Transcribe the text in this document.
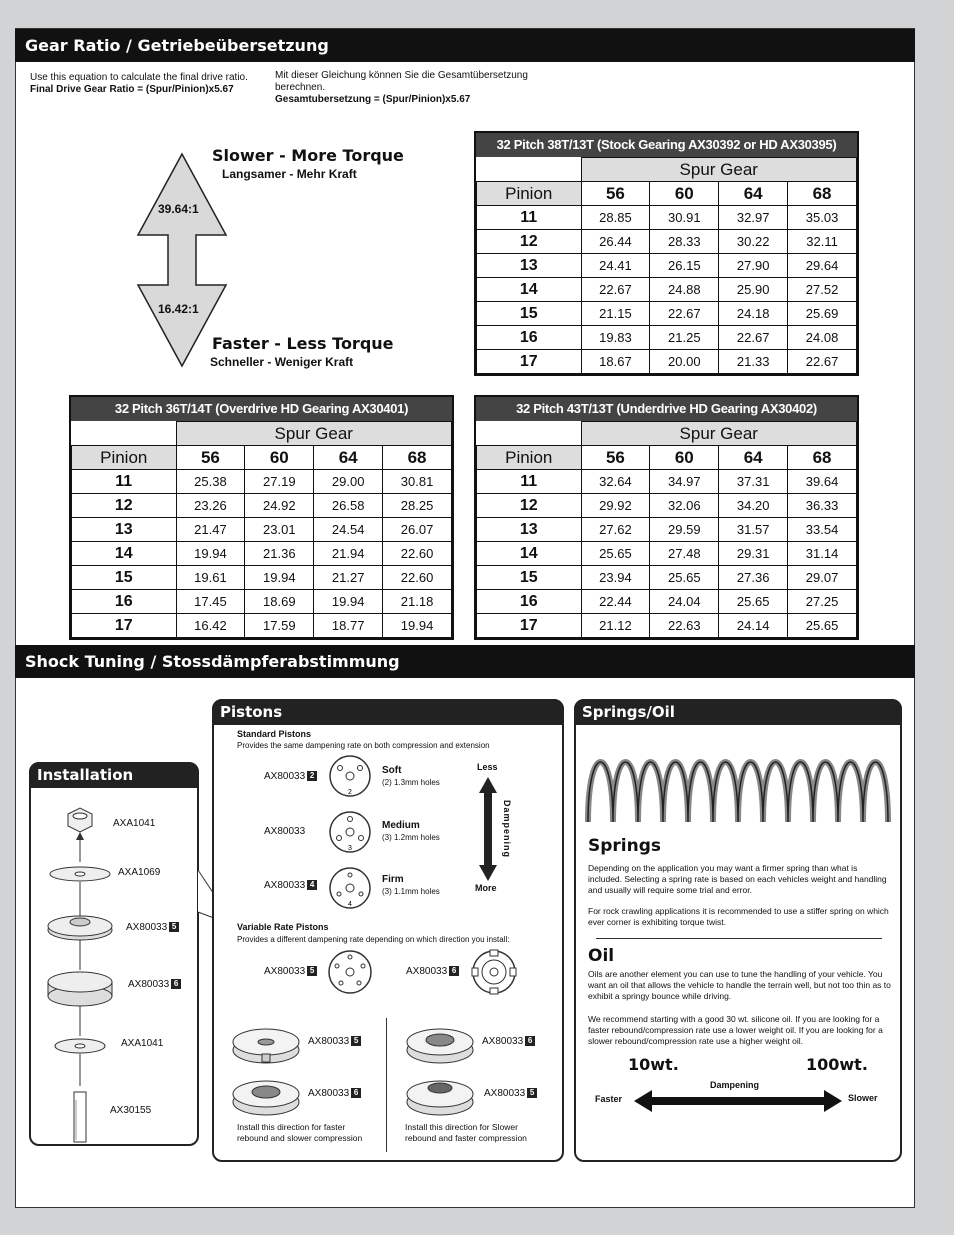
Gear Ratio / Getriebeübersetzung
Use this equation to calculate the final drive ratio.
Final Drive Gear Ratio = (Spur/Pinion)x5.67
Mit dieser Gleichung können Sie die Gesamtübersetzung berechnen.
Gesamtubersetzung = (Spur/Pinion)x5.67
39.64:1
16.42:1
Slower - More Torque
Langsamer - Mehr Kraft
Faster - Less Torque
Schneller - Weniger Kraft
32 Pitch 38T/13T (Stock Gearing AX30392 or HD AX30395)
	Spur Gear			
Pinion	56	60	64	68
11	28.85	30.91	32.97	35.03
12	26.44	28.33	30.22	32.11
13	24.41	26.15	27.90	29.64
14	22.67	24.88	25.90	27.52
15	21.15	22.67	24.18	25.69
16	19.83	21.25	22.67	24.08
17	18.67	20.00	21.33	22.67
32 Pitch 36T/14T (Overdrive HD Gearing AX30401)
	Spur Gear			
Pinion	56	60	64	68
11	25.38	27.19	29.00	30.81
12	23.26	24.92	26.58	28.25
13	21.47	23.01	24.54	26.07
14	19.94	21.36	21.94	22.60
15	19.61	19.94	21.27	22.60
16	17.45	18.69	19.94	21.18
17	16.42	17.59	18.77	19.94
32 Pitch 43T/13T (Underdrive HD Gearing AX30402)
	Spur Gear			
Pinion	56	60	64	68
11	32.64	34.97	37.31	39.64
12	29.92	32.06	34.20	36.33
13	27.62	29.59	31.57	33.54
14	25.65	27.48	29.31	31.14
15	23.94	25.65	27.36	29.07
16	22.44	24.04	25.65	27.25
17	21.12	22.63	24.14	25.65
Shock Tuning / Stossdämpferabstimmung
Installation
AXA1041
AXA1069
AX80033 5
AX80033 6
AXA1041
AX30155
Pistons
Standard Pistons
Provides the same dampening rate on both compression and extension
AX80033 2
AX80033
AX80033 4
2
3
4
Soft
(2) 1.3mm holes
Medium
(3) 1.2mm holes
Firm
(3) 1.1mm holes
Less
More
Dampening
Variable Rate Pistons
Provides a different dampening rate depending on which direction you install:
AX80033 5	AX80033 6
AX80033 5
AX80033 6
AX80033 6
AX80033 5
Install this direction for faster rebound and slower compression
Install this direction for Slower rebound and faster compression
Springs/Oil
Springs
Depending on the application you may want a firmer spring than what is included. Selecting a spring rate is based on each vehicles weight and handling and usually will require some trial and error.
For rock crawling applications it is recommended to use a stiffer spring on which ever corner is exhibiting torque twist.
Oil
Oils are another element you can use to tune the handling of your vehicle. You want an oil that allows the vehicle to handle the terrain well, but not too thin as to exhibit a springy bounce while driving.
We recommend starting with a good 30 wt. silicone oil. If you are looking for a faster rebound/compression rate use a lower weight oil. If you are looking for a slower rebound/compression rate use a higher weight oil.
10wt.	100wt.
Dampening
Faster	Slower
